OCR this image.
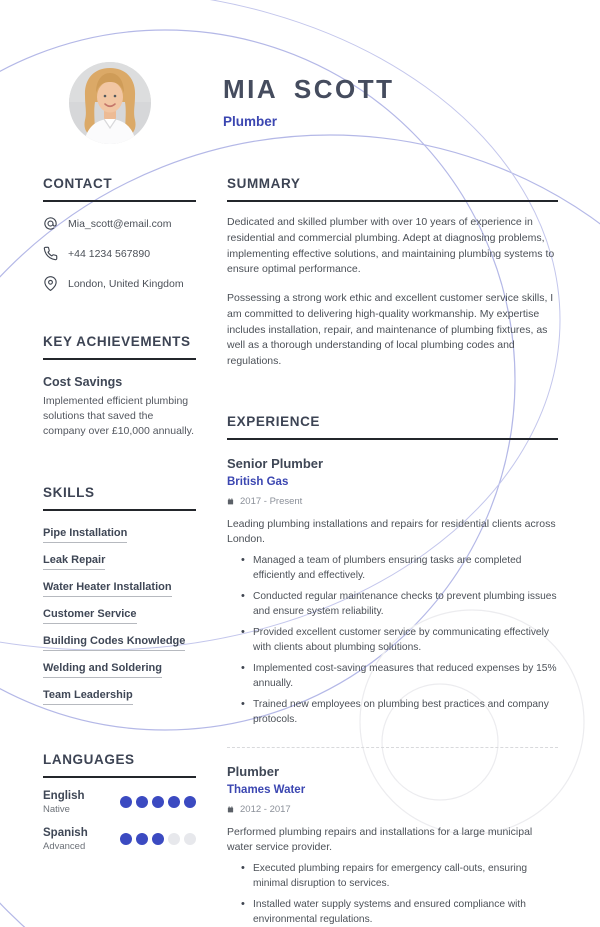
MIA SCOTT
Plumber
CONTACT
Mia_scott@email.com
+44 1234 567890
London, United Kingdom
KEY ACHIEVEMENTS
Cost Savings
Implemented efficient plumbing solutions that saved the company over £10,000 annually.
SKILLS
Pipe Installation
Leak Repair
Water Heater Installation
Customer Service
Building Codes Knowledge
Welding and Soldering
Team Leadership
LANGUAGES
English
Native
Spanish
Advanced
SUMMARY

Dedicated and skilled plumber with over 10 years of experience in residential and commercial plumbing. Adept at diagnosing problems, implementing effective solutions, and maintaining plumbing systems to ensure optimal performance.

Possessing a strong work ethic and excellent customer service skills, I am committed to delivering high-quality workmanship. My expertise includes installation, repair, and maintenance of plumbing fixtures, as well as a thorough understanding of local plumbing codes and regulations.

EXPERIENCE
Senior Plumber
British Gas
2017 - Present

Leading plumbing installations and repairs for residential clients across London.

• Managed a team of plumbers ensuring tasks are completed efficiently and effectively.
• Conducted regular maintenance checks to prevent plumbing issues and ensure system reliability.
• Provided excellent customer service by communicating effectively with clients about plumbing solutions.
• Implemented cost-saving measures that reduced expenses by 15% annually.
• Trained new employees on plumbing best practices and company protocols.
Plumber
Thames Water
2012 - 2017

Performed plumbing repairs and installations for a large municipal water service provider.

• Executed plumbing repairs for emergency call-outs, ensuring minimal disruption to services.
• Installed water supply systems and ensured compliance with environmental regulations.
